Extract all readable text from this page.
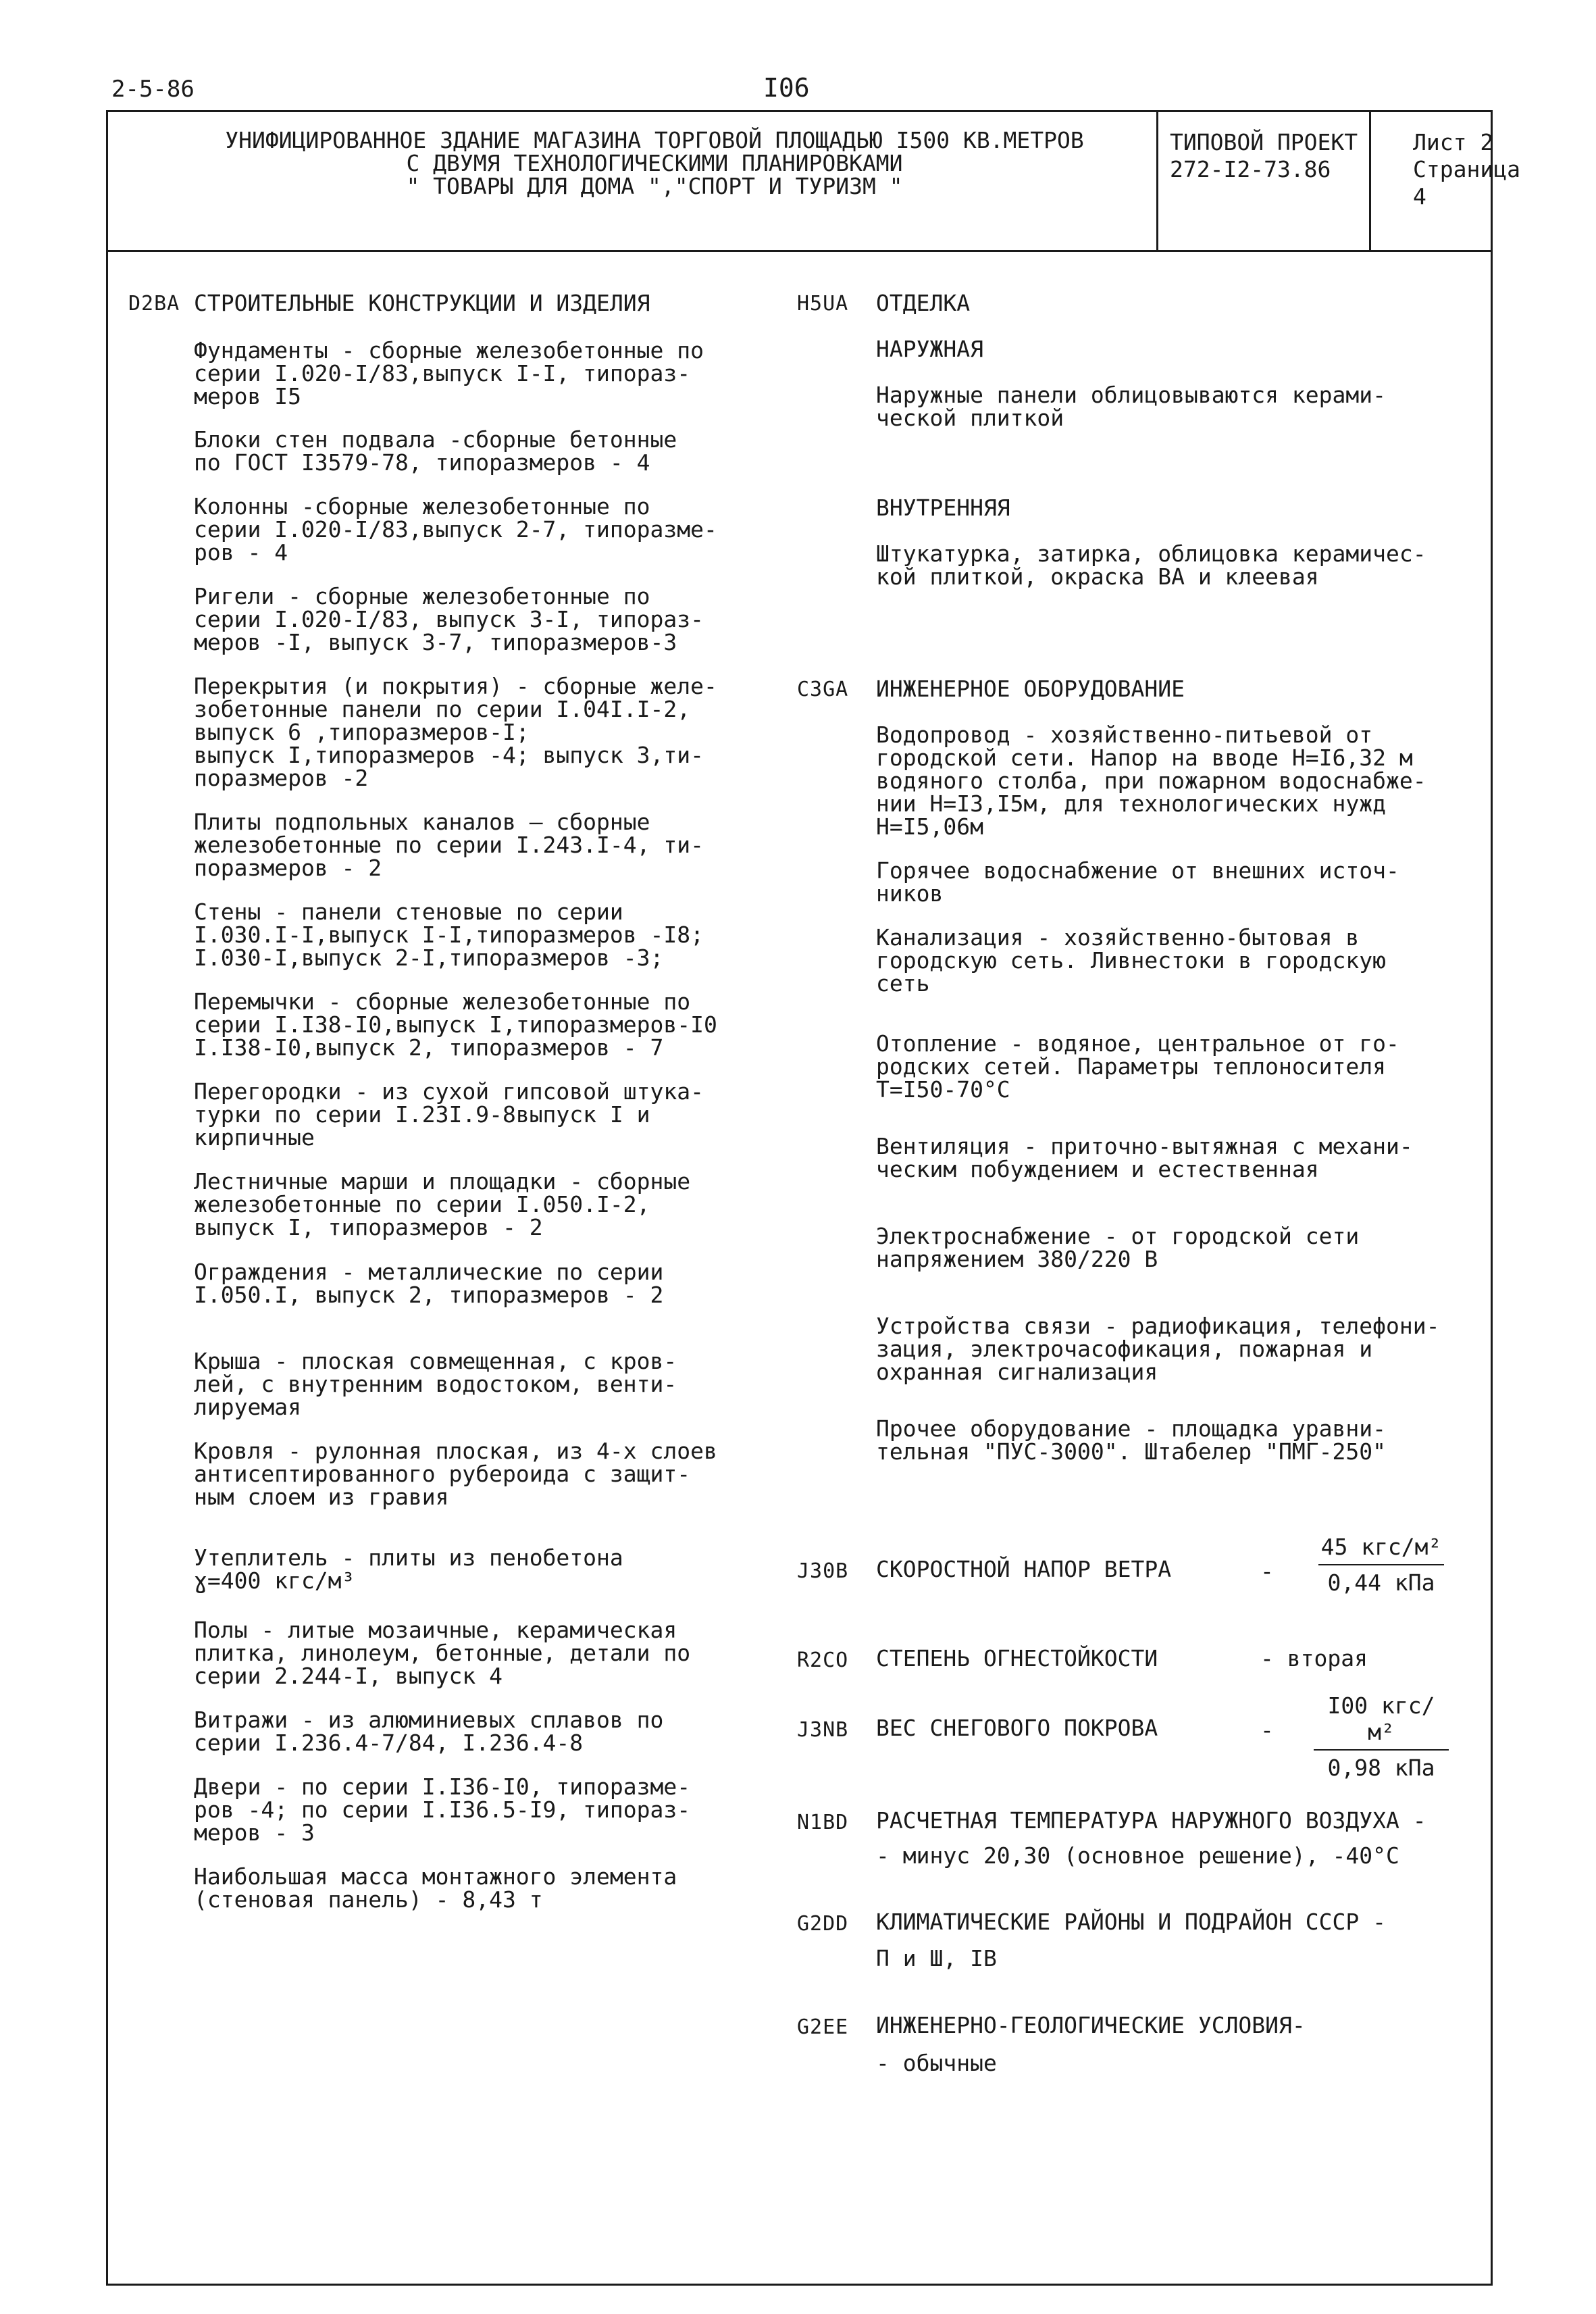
2-5-86	I06
УНИФИЦИРОВАННОЕ ЗДАНИЕ МАГАЗИНА ТОРГОВОЙ ПЛОЩАДЬЮ I500 КВ.МЕТРОВ
С ДВУМЯ ТЕХНОЛОГИЧЕСКИМИ ПЛАНИРОВКАМИ
" ТОВАРЫ ДЛЯ ДОМА ","СПОРТ И ТУРИЗМ "
ТИПОВОЙ ПРОЕКТ
272-I2-73.86
Лист 2
Страница 4
D2BA СТРОИТЕЛЬНЫЕ КОНСТРУКЦИИ И ИЗДЕЛИЯ
Фундаменты - сборные железобетонные по
серии I.020-I/83,выпуск I-I, типораз-
меров I5
Блоки стен подвала -сборные бетонные
по ГОСТ I3579-78, типоразмеров - 4
Колонны -сборные железобетонные по
серии I.020-I/83,выпуск 2-7, типоразме-
ров - 4
Ригели - сборные железобетонные по
серии I.020-I/83, выпуск 3-I, типораз-
меров -I, выпуск 3-7, типоразмеров-3
Перекрытия (и покрытия) - сборные желе-
зобетонные панели по серии I.04I.I-2,
выпуск 6 ,типоразмеров-I;
выпуск I,типоразмеров -4; выпуск 3,ти-
поразмеров -2
Плиты подпольных каналов — сборные
железобетонные по серии I.243.I-4, ти-
поразмеров - 2
Стены - панели стеновые по серии
I.030.I-I,выпуск I-I,типоразмеров -I8;
I.030-I,выпуск 2-I,типоразмеров -3;
Перемычки - сборные железобетонные по
серии I.I38-I0,выпуск I,типоразмеров-I0
I.I38-I0,выпуск 2, типоразмеров - 7
Перегородки - из сухой гипсовой штука-
турки по серии I.23I.9-8выпуск I и
кирпичные
Лестничные марши и площадки - сборные
железобетонные по серии I.050.I-2,
выпуск I, типоразмеров - 2
Ограждения - металлические по серии
I.050.I, выпуск 2, типоразмеров - 2
Крыша - плоская совмещенная, с кров-
лей, с внутренним водостоком, венти-
лируемая
Кровля - рулонная плоская, из 4-х слоев
антисептированного рубероида с защит-
ным слоем из гравия
Утеплитель - плиты из пенобетона
ɣ=400 кгс/м³
Полы - литые мозаичные, керамическая
плитка, линолеум, бетонные, детали по
серии 2.244-I, выпуск 4
Витражи - из алюминиевых сплавов по
серии I.236.4-7/84, I.236.4-8
Двери - по серии I.I36-I0, типоразме-
ров -4; по серии I.I36.5-I9, типораз-
меров - 3
Наибольшая масса монтажного элемента
(стеновая панель) - 8,43 т
H5UA ОТДЕЛКА
НАРУЖНАЯ
Наружные панели облицовываются керами-
ческой плиткой
ВНУТРЕННЯЯ
Штукатурка, затирка, облицовка керамичес-
кой плиткой, окраска ВА и клеевая
C3GA ИНЖЕНЕРНОЕ ОБОРУДОВАНИЕ
Водопровод - хозяйственно-питьевой от
городской сети. Напор на вводе Н=I6,32 м
водяного столба, при пожарном водоснабже-
нии Н=I3,I5м, для технологических нужд
Н=I5,06м
Горячее водоснабжение от внешних источ-
ников
Канализация - хозяйственно-бытовая в
городскую сеть. Ливнестоки в городскую
сеть
Отопление - водяное, центральное от го-
родских сетей. Параметры теплоносителя
Т=I50-70°С
Вентиляция - приточно-вытяжная с механи-
ческим побуждением и естественная
Электроснабжение - от городской сети
напряжением 380/220 В
Устройства связи - радиофикация, телефони-
зация, электрочасофикация, пожарная и
охранная сигнализация
Прочее оборудование - площадка уравни-
тельная "ПУС-3000". Штабелер "ПМГ-250"
J30B СКОРОСТНОЙ НАПОР ВЕТРА	-
45 кгс/м²
0,44 кПа
R2CO СТЕПЕНЬ ОГНЕСТОЙКОСТИ	- вторая
J3NB ВЕС СНЕГОВОГО ПОКРОВА	-
I00 кгс/м²
0,98 кПа
N1BD РАСЧЕТНАЯ ТЕМПЕРАТУРА НАРУЖНОГО ВОЗДУХА -
- минус 20,30 (основное решение), -40°С
G2DD КЛИМАТИЧЕСКИЕ РАЙОНЫ И ПОДРАЙОН СССР -
П и Ш, IВ
G2EE ИНЖЕНЕРНО-ГЕОЛОГИЧЕСКИЕ УСЛОВИЯ-
- обычные
